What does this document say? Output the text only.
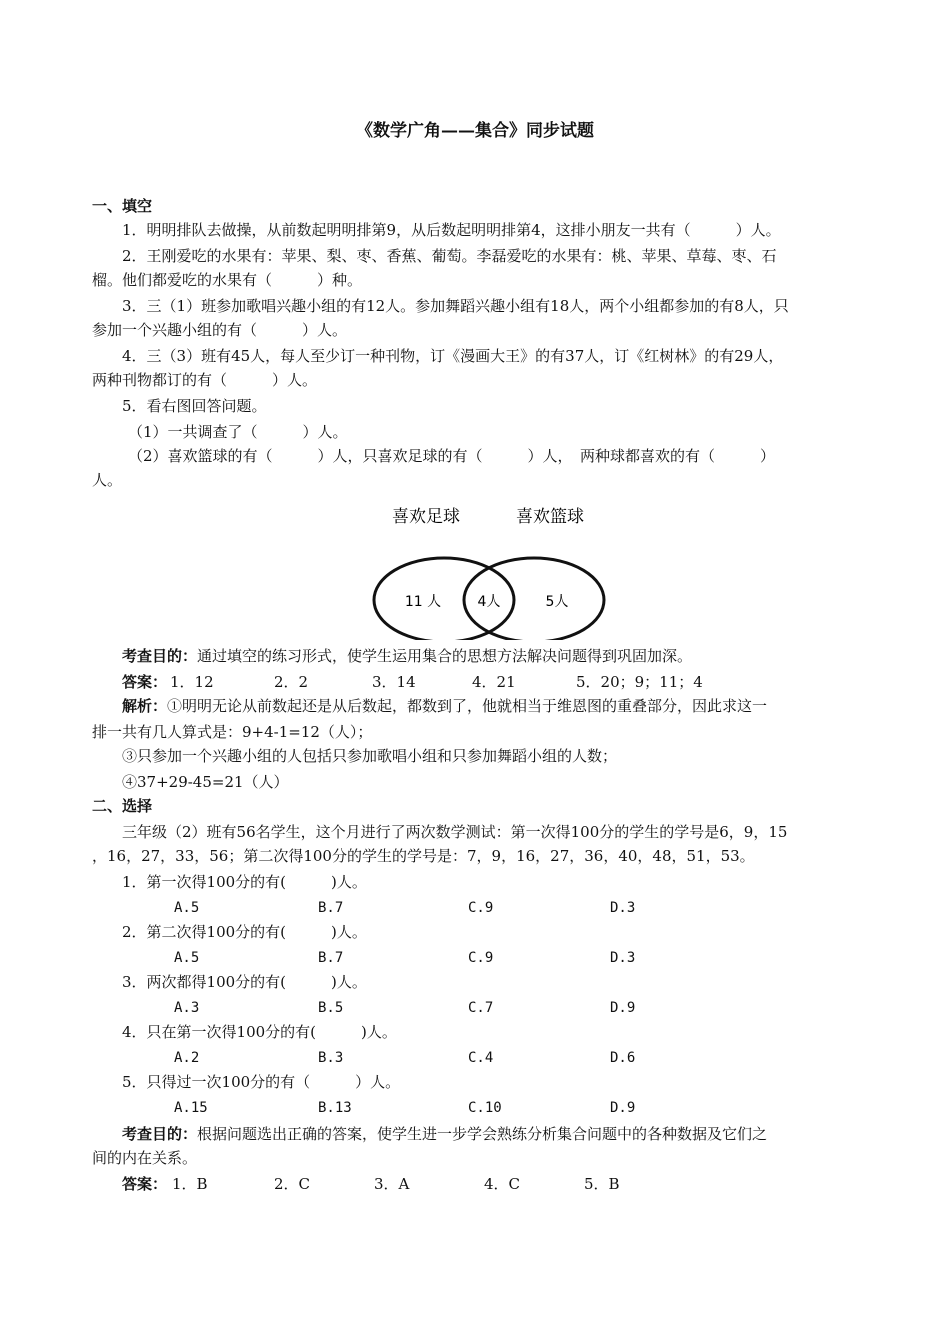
《数学广角——集合》同步试题
一、填空
1．明明排队去做操，从前数起明明排第9，从后数起明明排第4，这排小朋友一共有（　　　）人。
2．王刚爱吃的水果有：苹果、梨、枣、香蕉、葡萄。李磊爱吃的水果有：桃、苹果、草莓、枣、石
榴。他们都爱吃的水果有（　　　）种。
3．三（1）班参加歌唱兴趣小组的有12人。参加舞蹈兴趣小组有18人，两个小组都参加的有8人，只
参加一个兴趣小组的有（　　　）人。
4．三（3）班有45人，每人至少订一种刊物，订《漫画大王》的有37人，订《红树林》的有29人，
两种刊物都订的有（　　　）人。
5．看右图回答问题。
（1）一共调查了（　　　）人。
（2）喜欢篮球的有（　　　）人，只喜欢足球的有（　　　）人，　两种球都喜欢的有（　　　）
人。
喜欢足球	喜欢篮球
11 人	4人	5人
考查目的：通过填空的练习形式，使学生运用集合的思想方法解决问题得到巩固加深。
答案： 1．12	2．2	3．14	4．21	5．20；9；11；4
解析：①明明无论从前数起还是从后数起，都数到了，他就相当于维恩图的重叠部分，因此求这一
排一共有几人算式是：9+4-1=12（人）；
③只参加一个兴趣小组的人包括只参加歌唱小组和只参加舞蹈小组的人数；
④37+29-45=21（人）
二、选择
三年级（2）班有56名学生，这个月进行了两次数学测试：第一次得100分的学生的学号是6，9，15
，16，27，33，56；第二次得100分的学生的学号是：7，9，16，27，36，40，48，51，53。
1．第一次得100分的有(　　　)人。
A.5	B.7	C.9	D.3
2．第二次得100分的有(　　　)人。
A.5	B.7	C.9	D.3
3．两次都得100分的有(　　　)人。
A.3	B.5	C.7	D.9
4．只在第一次得100分的有(　　　)人。
A.2	B.3	C.4	D.6
5．只得过一次100分的有（　　　）人。
A.15	B.13	C.10	D.9
考查目的：根据问题选出正确的答案，使学生进一步学会熟练分析集合问题中的各种数据及它们之
间的内在关系。
答案： 1．B	2．C	3．A	4．C	5．B
